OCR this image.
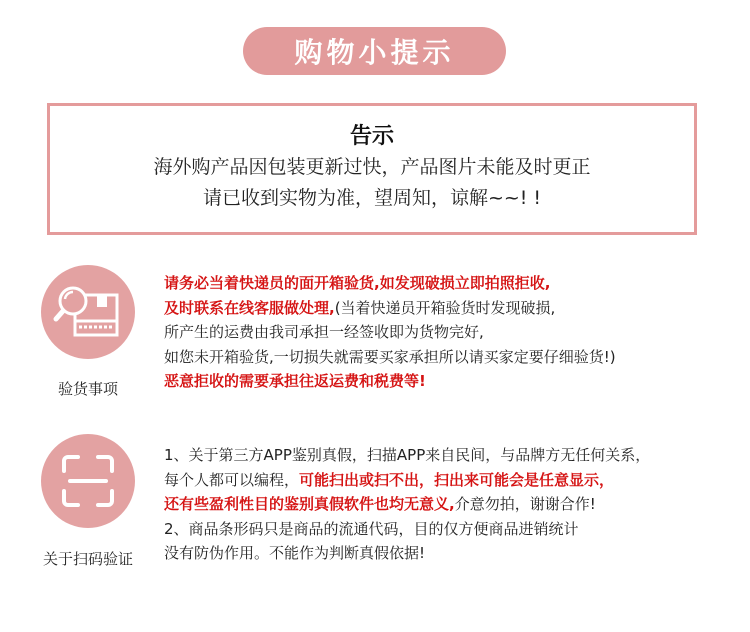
购物小提示
告示
海外购产品因包装更新过快，产品图片未能及时更正
请已收到实物为准，望周知，谅解~~! !
验货事项
请务必当着快递员的面开箱验货,如发现破损立即拍照拒收,
及时联系在线客服做处理,(当着快递员开箱验货时发现破损,
所产生的运费由我司承担一经签收即为货物完好,
如您未开箱验货,一切损失就需要买家承担所以请买家定要仔细验货!)
恶意拒收的需要承担往返运费和税费等!
关于扫码验证
1、关于第三方APP鉴别真假，扫描APP来自民间，与品牌方无任何关系，
每个人都可以编程，可能扫出或扫不出，扫出来可能会是任意显示，
还有些盈利性目的鉴别真假软件也均无意义,介意勿拍，谢谢合作!
2、商品条形码只是商品的流通代码，目的仅方便商品进销统计
没有防伪作用。不能作为判断真假依据!
